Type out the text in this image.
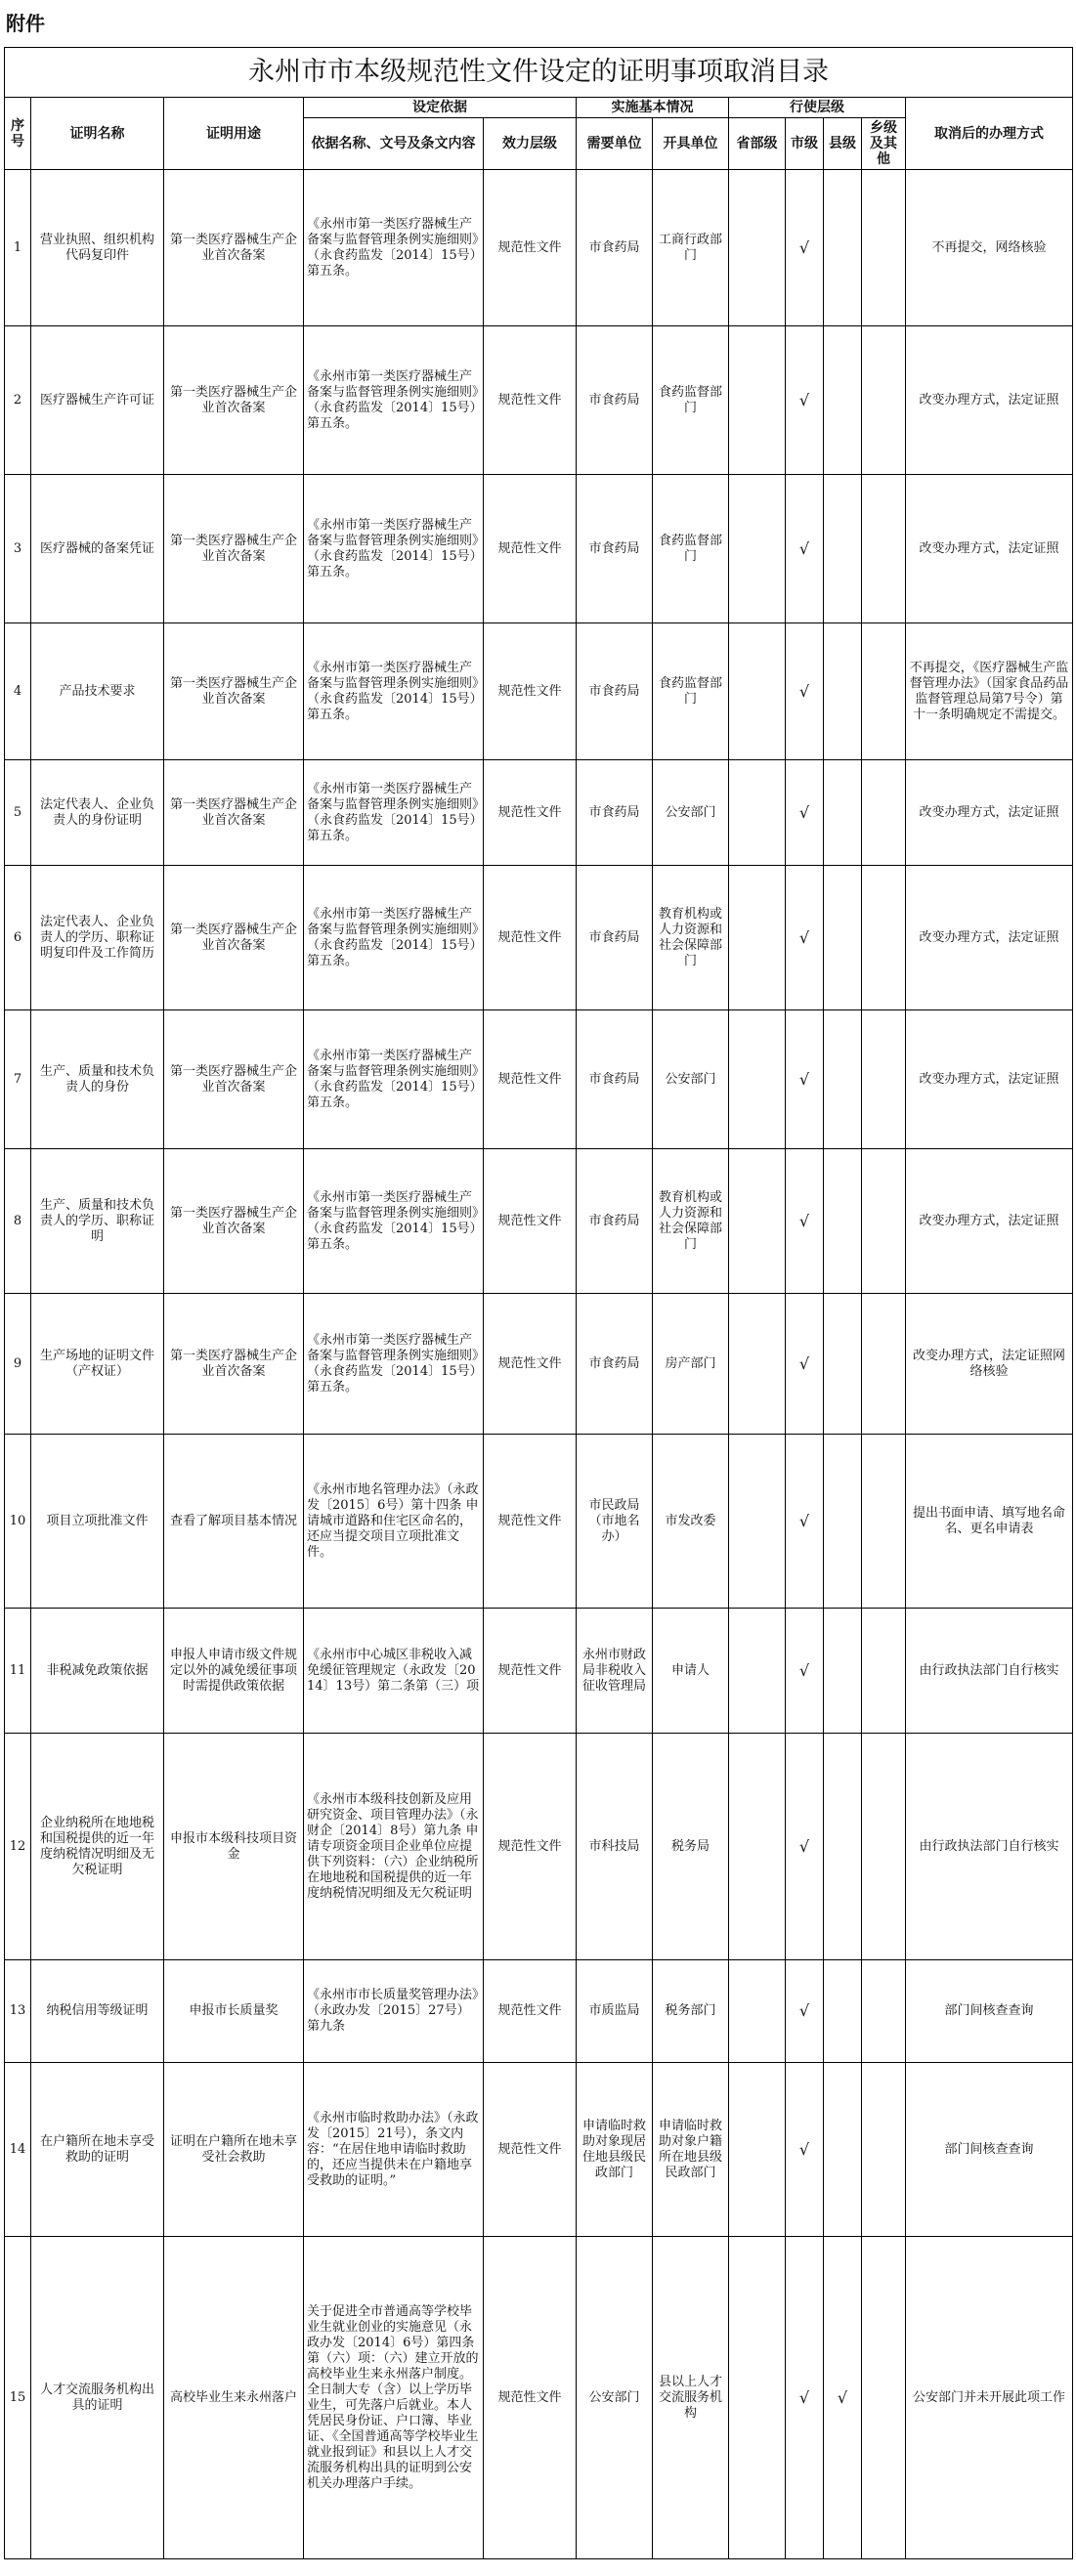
附件
永州市市本级规范性文件设定的证明事项取消目录											
序号	证明名称	证明用途	设定依据		实施基本情况		行使层级				取消后的办理方式
			依据名称、文号及条文内容	效力层级	需要单位	开具单位	省部级	市级	县级	乡级及其他	
1	营业执照、组织机构代码复印件	第一类医疗器械生产企业首次备案	《永州市第一类医疗器械生产备案与监督管理条例实施细则》（永食药监发〔2014〕15号）第五条。	规范性文件	市食药局	工商行政部门		√			不再提交，网络核验
2	医疗器械生产许可证	第一类医疗器械生产企业首次备案	《永州市第一类医疗器械生产备案与监督管理条例实施细则》（永食药监发〔2014〕15号）第五条。	规范性文件	市食药局	食药监督部门		√			改变办理方式，法定证照
3	医疗器械的备案凭证	第一类医疗器械生产企业首次备案	《永州市第一类医疗器械生产备案与监督管理条例实施细则》（永食药监发〔2014〕15号）第五条。	规范性文件	市食药局	食药监督部门		√			改变办理方式，法定证照
4	产品技术要求	第一类医疗器械生产企业首次备案	《永州市第一类医疗器械生产备案与监督管理条例实施细则》（永食药监发〔2014〕15号）第五条。	规范性文件	市食药局	食药监督部门		√			不再提交，《医疗器械生产监督管理办法》（国家食品药品监督管理总局第7号令）第十一条明确规定不需提交。
5	法定代表人、企业负责人的身份证明	第一类医疗器械生产企业首次备案	《永州市第一类医疗器械生产备案与监督管理条例实施细则》（永食药监发〔2014〕15号）第五条。	规范性文件	市食药局	公安部门		√			改变办理方式，法定证照
6	法定代表人、企业负责人的学历、职称证明复印件及工作简历	第一类医疗器械生产企业首次备案	《永州市第一类医疗器械生产备案与监督管理条例实施细则》（永食药监发〔2014〕15号）第五条。	规范性文件	市食药局	教育机构或人力资源和社会保障部门		√			改变办理方式，法定证照
7	生产、质量和技术负责人的身份	第一类医疗器械生产企业首次备案	《永州市第一类医疗器械生产备案与监督管理条例实施细则》（永食药监发〔2014〕15号）第五条。	规范性文件	市食药局	公安部门		√			改变办理方式，法定证照
8	生产、质量和技术负责人的学历、职称证明	第一类医疗器械生产企业首次备案	《永州市第一类医疗器械生产备案与监督管理条例实施细则》（永食药监发〔2014〕15号）第五条。	规范性文件	市食药局	教育机构或人力资源和社会保障部门		√			改变办理方式，法定证照
9	生产场地的证明文件（产权证）	第一类医疗器械生产企业首次备案	《永州市第一类医疗器械生产备案与监督管理条例实施细则》（永食药监发〔2014〕15号）第五条。	规范性文件	市食药局	房产部门		√			改变办理方式，法定证照网络核验
10	项目立项批准文件	查看了解项目基本情况	《永州市地名管理办法》（永政发〔2015〕6号）第十四条 申请城市道路和住宅区命名的，还应当提交项目立项批准文件。	规范性文件	市民政局（市地名办）	市发改委		√			提出书面申请、填写地名命名、更名申请表
11	非税减免政策依据	申报人申请市级文件规定以外的减免缓征事项时需提供政策依据	《永州市中心城区非税收入减免缓征管理规定（永政发〔2014〕13号）第二条第（三）项	规范性文件	永州市财政局非税收入征收管理局	申请人		√			由行政执法部门自行核实
12	企业纳税所在地地税和国税提供的近一年度纳税情况明细及无欠税证明	申报市本级科技项目资金	《永州市本级科技创新及应用研究资金、项目管理办法》（永财企〔2014〕8号）第九条 申请专项资金项目企业单位应提供下列资料：（六）企业纳税所在地地税和国税提供的近一年度纳税情况明细及无欠税证明	规范性文件	市科技局	税务局		√			由行政执法部门自行核实
13	纳税信用等级证明	申报市长质量奖	《永州市市长质量奖管理办法》（永政办发〔2015〕27号）第九条	规范性文件	市质监局	税务部门		√			部门间核查查询
14	在户籍所在地未享受救助的证明	证明在户籍所在地未享受社会救助	《永州市临时救助办法》（永政发〔2015〕21号），条文内容：“在居住地申请临时救助的，还应当提供未在户籍地享受救助的证明。”	规范性文件	申请临时救助对象现居住地县级民政部门	申请临时救助对象户籍所在地县级民政部门		√			部门间核查查询
15	人才交流服务机构出具的证明	高校毕业生来永州落户	关于促进全市普通高等学校毕业生就业创业的实施意见（永政办发〔2014〕6号）第四条第（六）项：（六）建立开放的高校毕业生来永州落户制度。全日制大专（含）以上学历毕业生，可先落户后就业。本人凭居民身份证、户口簿、毕业证、《全国普通高等学校毕业生就业报到证》和县以上人才交流服务机构出具的证明到公安机关办理落户手续。	规范性文件	公安部门	县以上人才交流服务机构		√	√		公安部门并未开展此项工作
